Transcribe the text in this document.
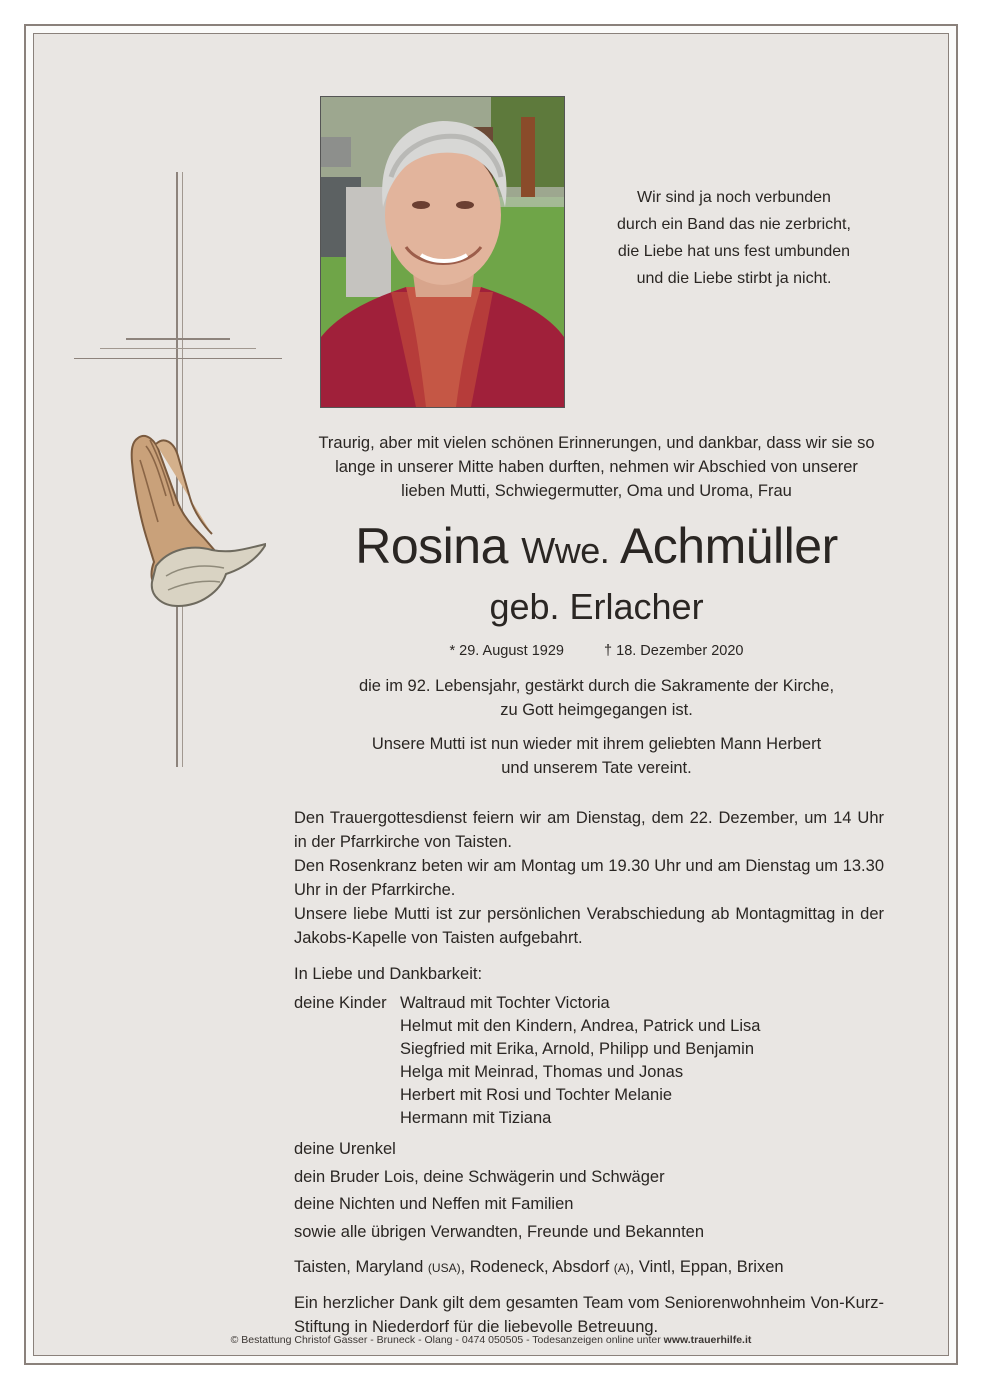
Wir sind ja noch verbunden
durch ein Band das nie zerbricht,
die Liebe hat uns fest umbunden
und die Liebe stirbt ja nicht.
Traurig, aber mit vielen schönen Erinnerungen, und dankbar, dass wir sie so
lange in unserer Mitte haben durften, nehmen wir Abschied von unserer
lieben Mutti, Schwiegermutter, Oma und Uroma, Frau
Rosina Wwe. Achmüller
geb. Erlacher
* 29. August 1929	† 18. Dezember 2020
die im 92. Lebensjahr, gestärkt durch die Sakramente der Kirche,
zu Gott heimgegangen ist.
Unsere Mutti ist nun wieder mit ihrem geliebten Mann Herbert
und unserem Tate vereint.

Den Trauergottesdienst feiern wir am Dienstag, dem 22. Dezember, um 14 Uhr in der Pfarrkirche von Taisten.

Den Rosenkranz beten wir am Montag um 19.30 Uhr und am Dienstag um 13.30 Uhr in der Pfarrkirche.

Unsere liebe Mutti ist zur persönlichen Verabschiedung ab Montagmittag in der Jakobs-Kapelle von Taisten aufgebahrt.

In Liebe und Dankbarkeit:
deine Kinder Waltraud mit Tochter Victoria
Helmut mit den Kindern, Andrea, Patrick und Lisa
Siegfried mit Erika, Arnold, Philipp und Benjamin
Helga mit Meinrad, Thomas und Jonas
Herbert mit Rosi und Tochter Melanie
Hermann mit Tiziana
deine Urenkel
dein Bruder Lois, deine Schwägerin und Schwäger
deine Nichten und Neffen mit Familien
sowie alle übrigen Verwandten, Freunde und Bekannten
Taisten, Maryland (USA), Rodeneck, Absdorf (A), Vintl, Eppan, Brixen
Ein herzlicher Dank gilt dem gesamten Team vom Seniorenwohnheim Von-Kurz-Stiftung in Niederdorf für die liebevolle Betreuung.
© Bestattung Christof Gasser - Bruneck - Olang - 0474 050505 - Todesanzeigen online unter www.trauerhilfe.it
